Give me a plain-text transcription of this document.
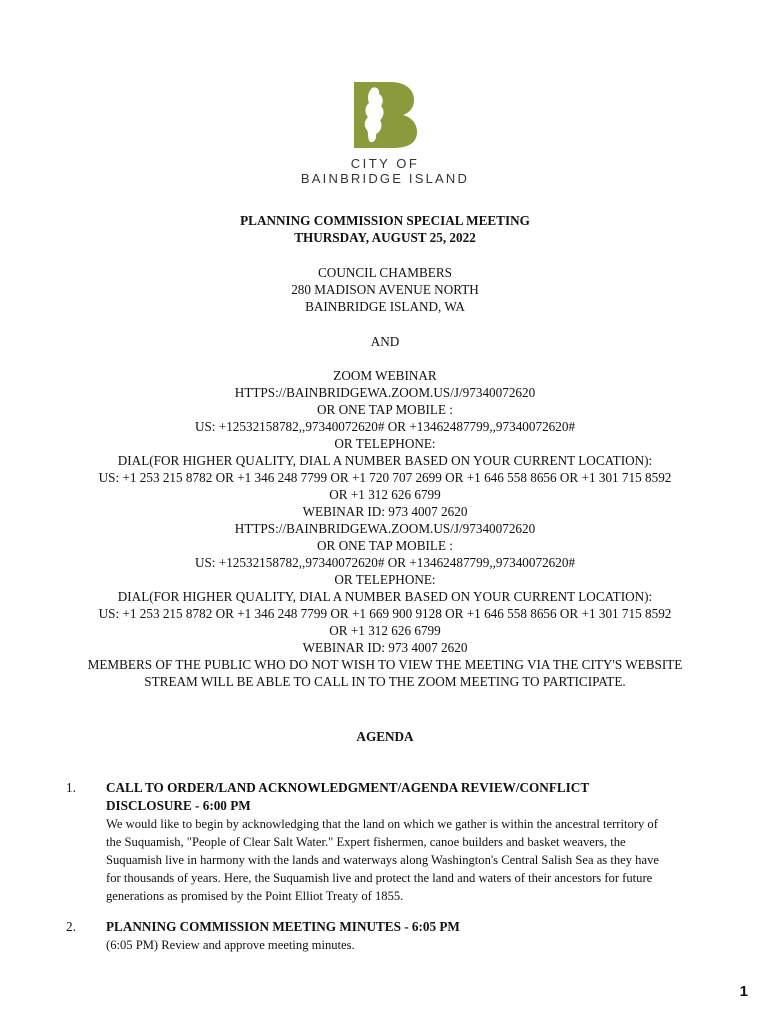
CITY OF
BAINBRIDGE ISLAND
PLANNING COMMISSION SPECIAL MEETING
THURSDAY, AUGUST 25, 2022
COUNCIL CHAMBERS
280 MADISON AVENUE NORTH
BAINBRIDGE ISLAND, WA
AND
ZOOM WEBINAR
HTTPS://BAINBRIDGEWA.ZOOM.US/J/97340072620
OR ONE TAP MOBILE :
US: +12532158782,,97340072620# OR +13462487799,,97340072620#
OR TELEPHONE:
DIAL(FOR HIGHER QUALITY, DIAL A NUMBER BASED ON YOUR CURRENT LOCATION):
US: +1 253 215 8782 OR +1 346 248 7799 OR +1 720 707 2699 OR +1 646 558 8656 OR +1 301 715 8592
OR +1 312 626 6799
WEBINAR ID: 973 4007 2620
HTTPS://BAINBRIDGEWA.ZOOM.US/J/97340072620
OR ONE TAP MOBILE :
US: +12532158782,,97340072620# OR +13462487799,,97340072620#
OR TELEPHONE:
DIAL(FOR HIGHER QUALITY, DIAL A NUMBER BASED ON YOUR CURRENT LOCATION):
US: +1 253 215 8782 OR +1 346 248 7799 OR +1 669 900 9128 OR +1 646 558 8656 OR +1 301 715 8592
OR +1 312 626 6799
WEBINAR ID: 973 4007 2620
MEMBERS OF THE PUBLIC WHO DO NOT WISH TO VIEW THE MEETING VIA THE CITY'S WEBSITE
STREAM WILL BE ABLE TO CALL IN TO THE ZOOM MEETING TO PARTICIPATE.
AGENDA
1. CALL TO ORDER/LAND ACKNOWLEDGMENT/AGENDA REVIEW/CONFLICT
DISCLOSURE - 6:00 PM
We would like to begin by acknowledging that the land on which we gather is within the ancestral territory of
the Suquamish, "People of Clear Salt Water." Expert fishermen, canoe builders and basket weavers, the
Suquamish live in harmony with the lands and waterways along Washington's Central Salish Sea as they have
for thousands of years. Here, the Suquamish live and protect the land and waters of their ancestors for future
generations as promised by the Point Elliot Treaty of 1855.
2. PLANNING COMMISSION MEETING MINUTES - 6:05 PM
(6:05 PM) Review and approve meeting minutes.
1
